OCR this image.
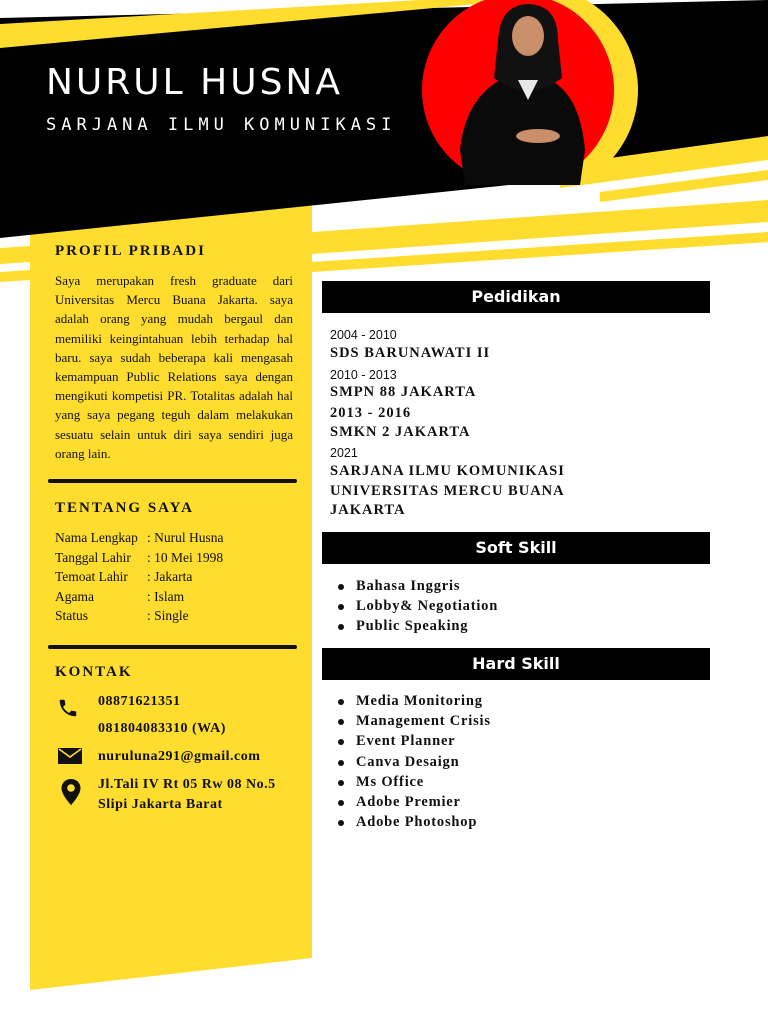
NURUL HUSNA
SARJANA ILMU KOMUNIKASI
PROFIL PRIBADI
Saya merupakan fresh graduate dari Universitas Mercu Buana Jakarta. saya adalah orang yang mudah bergaul dan memiliki keingintahuan lebih terhadap hal baru. saya sudah beberapa kali mengasah kemampuan Public Relations saya dengan mengikuti kompetisi PR. Totalitas adalah hal yang saya pegang teguh dalam melakukan sesuatu selain untuk diri saya sendiri juga orang lain.
TENTANG SAYA
Nama Lengkap : Nurul Husna
Tanggal Lahir	: 10 Mei 1998
Temoat Lahir	: Jakarta
Agama	: Islam
Status	: Single
KONTAK
08871621351
081804083310 (WA)
nuruluna291@gmail.com
Jl.Tali IV Rt 05 Rw 08 No.5
Slipi Jakarta Barat
Pedidikan
2004 - 2010
SDS BARUNAWATI II
2010 - 2013
SMPN 88 JAKARTA
2013 - 2016
SMKN 2 JAKARTA
2021
SARJANA ILMU KOMUNIKASI UNIVERSITAS MERCU BUANA JAKARTA
Soft Skill
Bahasa Inggris
Lobby& Negotiation
Public Speaking
Hard Skill
Media Monitoring
Management Crisis
Event Planner
Canva Desaign
Ms Office
Adobe Premier
Adobe Photoshop
